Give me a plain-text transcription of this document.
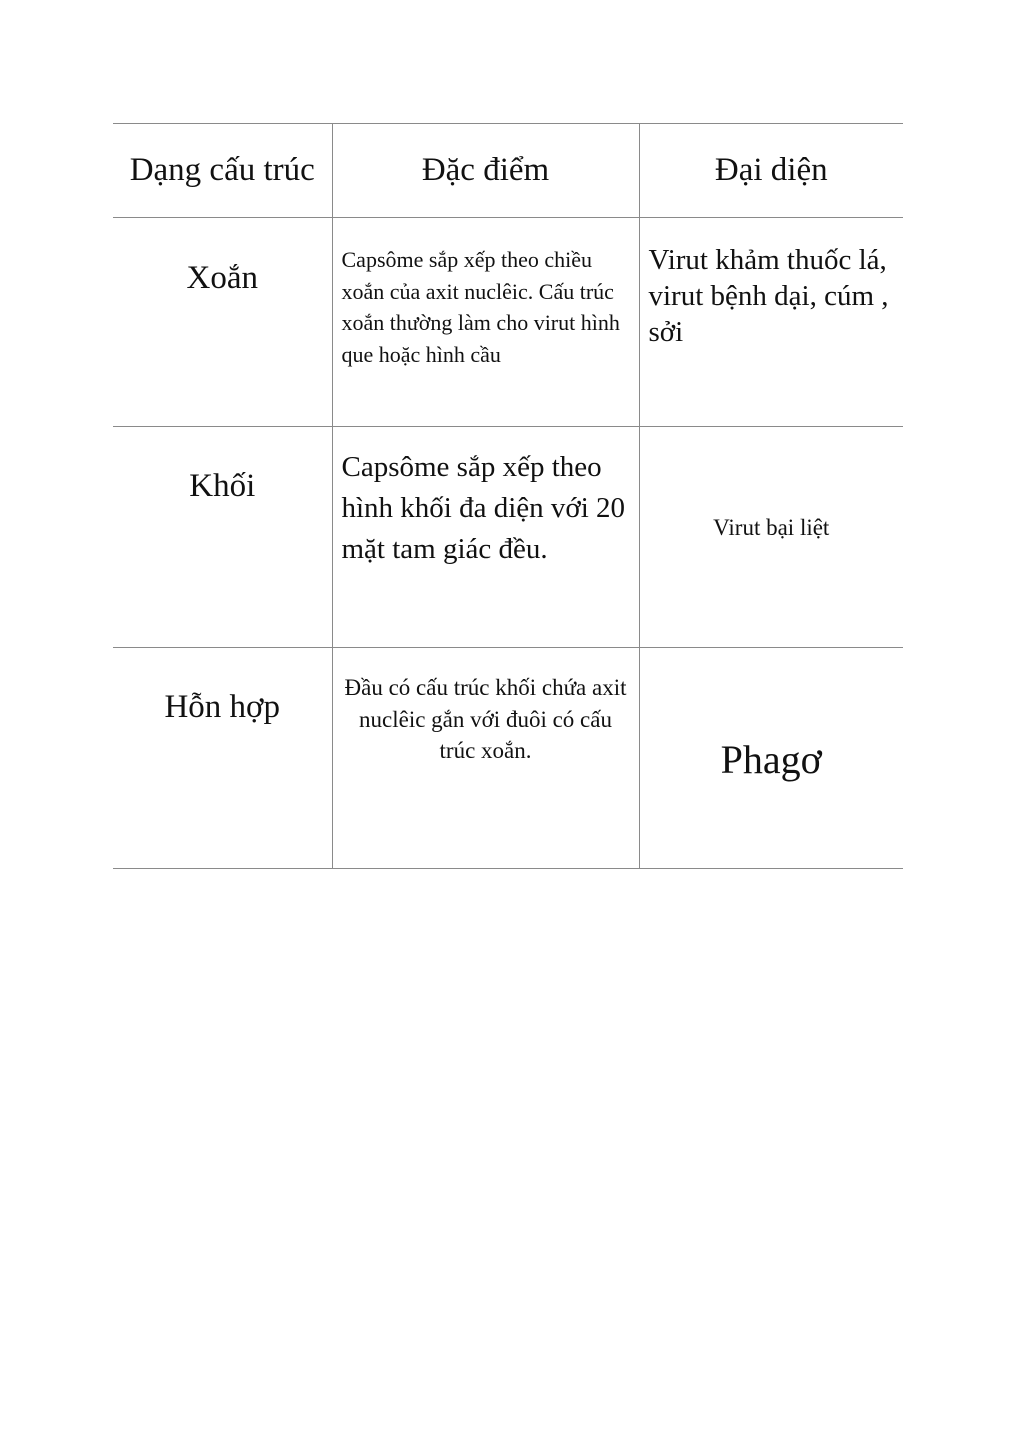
Dạng cấu trúc	Đặc điểm	Đại diện
Xoắn	Capsôme sắp xếp theo chiều xoắn của axit nuclêic. Cấu trúc xoắn thường làm cho virut hình que hoặc hình cầu	Virut khảm thuốc lá, virut bệnh dại, cúm , sởi
Khối	Capsôme sắp xếp theo hình khối đa diện với 20 mặt tam giác đều.	Virut bại liệt
Hỗn hợp	Đầu có cấu trúc khối chứa axit nuclêic gắn với đuôi có cấu trúc xoắn.	Phagơ
